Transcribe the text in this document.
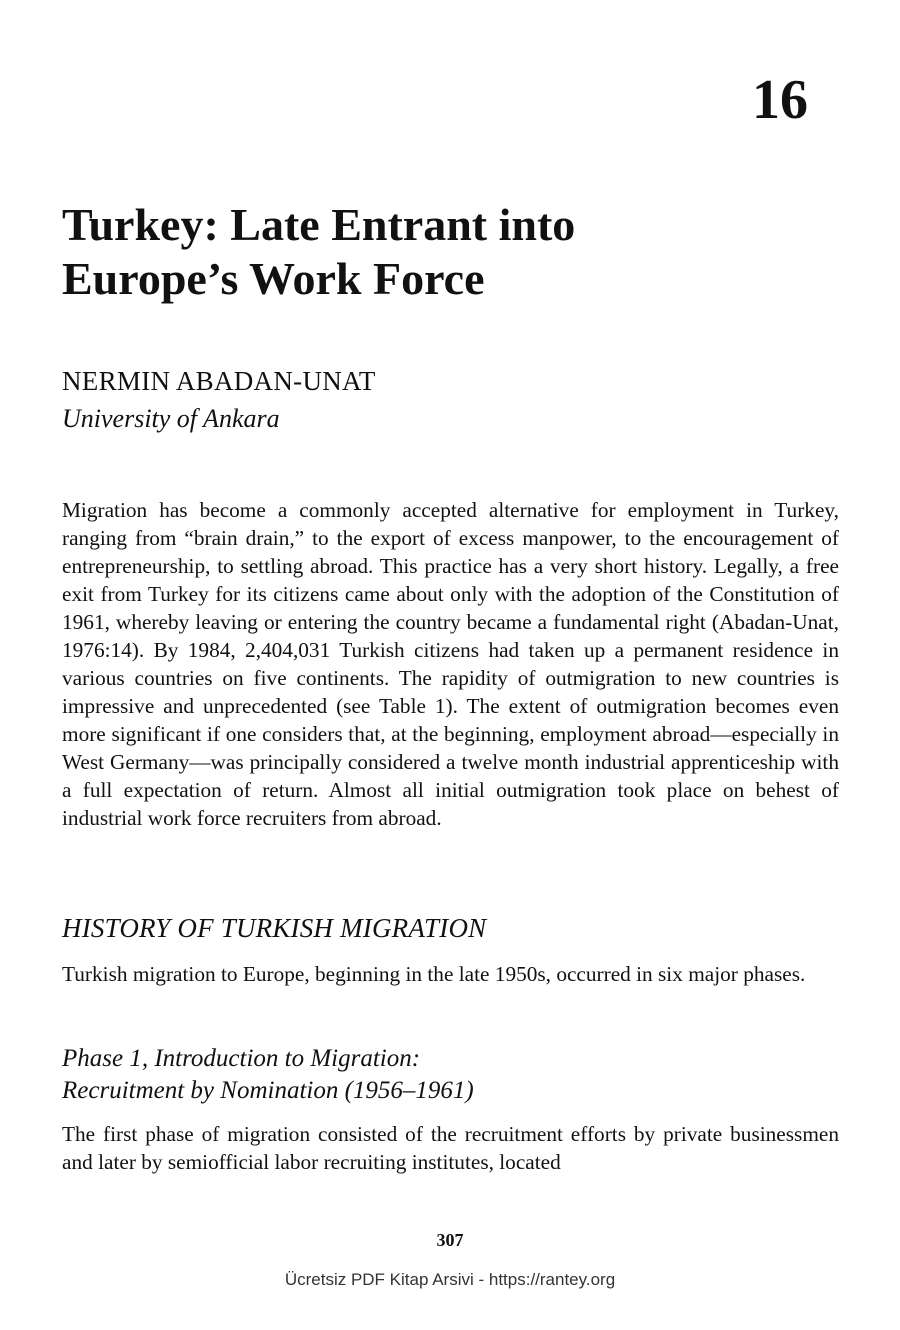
16
Turkey: Late Entrant into
Europe’s Work Force
NERMIN ABADAN-UNAT
University of Ankara

Migration has become a commonly accepted alternative for employment in Turkey, ranging from “brain drain,” to the export of excess manpower, to the encouragement of entrepreneurship, to settling abroad. This practice has a very short history. Legally, a free exit from Turkey for its citizens came about only with the adoption of the Constitution of 1961, whereby leaving or entering the country became a fundamental right (Abadan-Unat, 1976:14). By 1984, 2,404,031 Turkish citizens had taken up a permanent residence in various countries on five continents. The rapidity of outmigration to new countries is impressive and unprecedented (see Table 1). The extent of outmigration becomes even more significant if one considers that, at the beginning, employment abroad—especially in West Germany—was principally considered a twelve month industrial apprenticeship with a full expectation of return. Almost all initial outmigration took place on behest of industrial work force recruiters from abroad.

HISTORY OF TURKISH MIGRATION

Turkish migration to Europe, beginning in the late 1950s, occurred in six major phases.

Phase 1, Introduction to Migration:
Recruitment by Nomination (1956–1961)

The first phase of migration consisted of the recruitment efforts by private businessmen and later by semiofficial labor recruiting institutes, located

307
Ücretsiz PDF Kitap Arsivi - https://rantey.org
